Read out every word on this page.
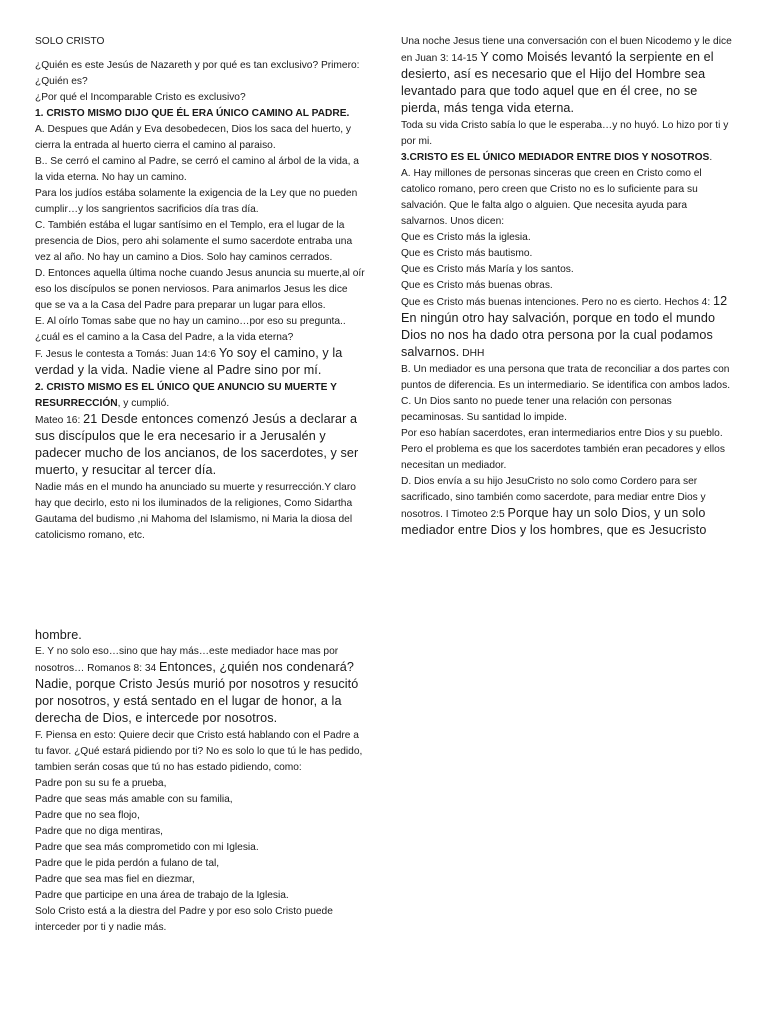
SOLO CRISTO

¿Quién es este Jesús de Nazareth y por qué es tan exclusivo? Primero: ¿Quién es?

¿Por qué el Incomparable Cristo es exclusivo?

1. CRISTO MISMO DIJO QUE ÉL ERA ÚNICO CAMINO AL PADRE.

A. Despues que Adán y Eva desobedecen, Dios los saca del huerto, y cierra la entrada al huerto cierra el camino al paraiso.

B.. Se cerró el camino al Padre, se cerró el camino al árbol de la vida, a la vida eterna. No hay un camino.

Para los judíos estába solamente la exigencia de la Ley que no pueden cumplir…y los sangrientos sacrificios día tras día.

C. También estába el lugar santísimo en el Templo, era el lugar de la presencia de Dios, pero ahi solamente el sumo sacerdote entraba una vez al año. No hay un camino a Dios. Solo hay caminos cerrados.

D. Entonces aquella última noche cuando Jesus anuncia su muerte,al oír eso los discípulos se ponen nerviosos. Para animarlos Jesus les dice que se va a la Casa del Padre para preparar un lugar para ellos.

E. Al oírlo Tomas sabe que no hay un camino…por eso su pregunta.. ¿cuál es el camino a la Casa del Padre, a la vida eterna?

F. Jesus le contesta a Tomás: Juan 14:6 Yo soy el camino, y la verdad y la vida. Nadie viene al Padre sino por mí.

2. CRISTO MISMO ES EL ÚNICO QUE ANUNCIO SU MUERTE Y RESURRECCIÓN, y cumplió.

Mateo 16: 21 Desde entonces comenzó Jesús a declarar a sus discípulos que le era necesario ir a Jerusalén y padecer mucho de los ancianos, de los sacerdotes, y ser muerto, y resucitar al tercer día.

Nadie más en el mundo ha anunciado su muerte y resurrección.Y claro hay que decirlo, esto ni los iluminados de la religiones, Como Sidartha Gautama del budismo ,ni Mahoma del Islamismo, ni Maria la diosa del catolicismo romano, etc.

Una noche Jesus tiene una conversación con el buen Nicodemo y le dice en Juan 3: 14-15 Y como Moisés levantó la serpiente en el desierto, así es necesario que el Hijo del Hombre sea levantado para que todo aquel que en él cree, no se pierda, más tenga vida eterna.

Toda su vida Cristo sabía lo que le esperaba…y no huyó. Lo hizo por ti y por mi.

3.CRISTO ES EL ÚNICO MEDIADOR ENTRE DIOS Y NOSOTROS.

A. Hay millones de personas sinceras que creen en Cristo como el catolico romano, pero creen que Cristo no es lo suficiente para su salvación. Que le falta algo o alguien. Que necesita ayuda para salvarnos. Unos dicen:

Que es Cristo más la iglesia.

Que es Cristo más bautismo.

Que es Cristo más María y los santos.

Que es Cristo más buenas obras.

Que es Cristo más buenas intenciones. Pero no es cierto. Hechos 4: 12 En ningún otro hay salvación, porque en todo el mundo Dios no nos ha dado otra persona por la cual podamos salvarnos. DHH

B. Un mediador es una persona que trata de reconciliar a dos partes con puntos de diferencia. Es un intermediario. Se identifica con ambos lados.

C. Un Dios santo no puede tener una relación con personas pecaminosas. Su santidad lo impide.

Por eso habían sacerdotes, eran intermediarios entre Dios y su pueblo. Pero el problema es que los sacerdotes también eran pecadores y ellos necesitan un mediador.

D. Dios envía a su hijo JesuCristo no solo como Cordero para ser sacrificado, sino también como sacerdote, para mediar entre Dios y nosotros. I Timoteo 2:5 Porque hay un solo Dios, y un solo mediador entre Dios y los hombres, que es Jesucristo

hombre.

E. Y no solo eso…sino que hay más…este mediador hace mas por nosotros… Romanos 8: 34 Entonces, ¿quién nos condenará? Nadie, porque Cristo Jesús murió por nosotros y resucitó por nosotros, y está sentado en el lugar de honor, a la derecha de Dios, e intercede por nosotros.

F. Piensa en esto: Quiere decir que Cristo está hablando con el Padre a tu favor. ¿Qué estará pidiendo por ti? No es solo lo que tú le has pedido, tambien serán cosas que tú no has estado pidiendo, como:

Padre pon su su fe a prueba,

Padre que seas más amable con su familia,

Padre que no sea flojo,

Padre que no diga mentiras,

Padre que sea más comprometido con mi Iglesia.

Padre que le pida perdón a fulano de tal,

Padre que sea mas fiel en diezmar,

Padre que participe en una área de trabajo de la Iglesia.

Solo Cristo está a la diestra del Padre y por eso solo Cristo puede interceder por ti y nadie más.
